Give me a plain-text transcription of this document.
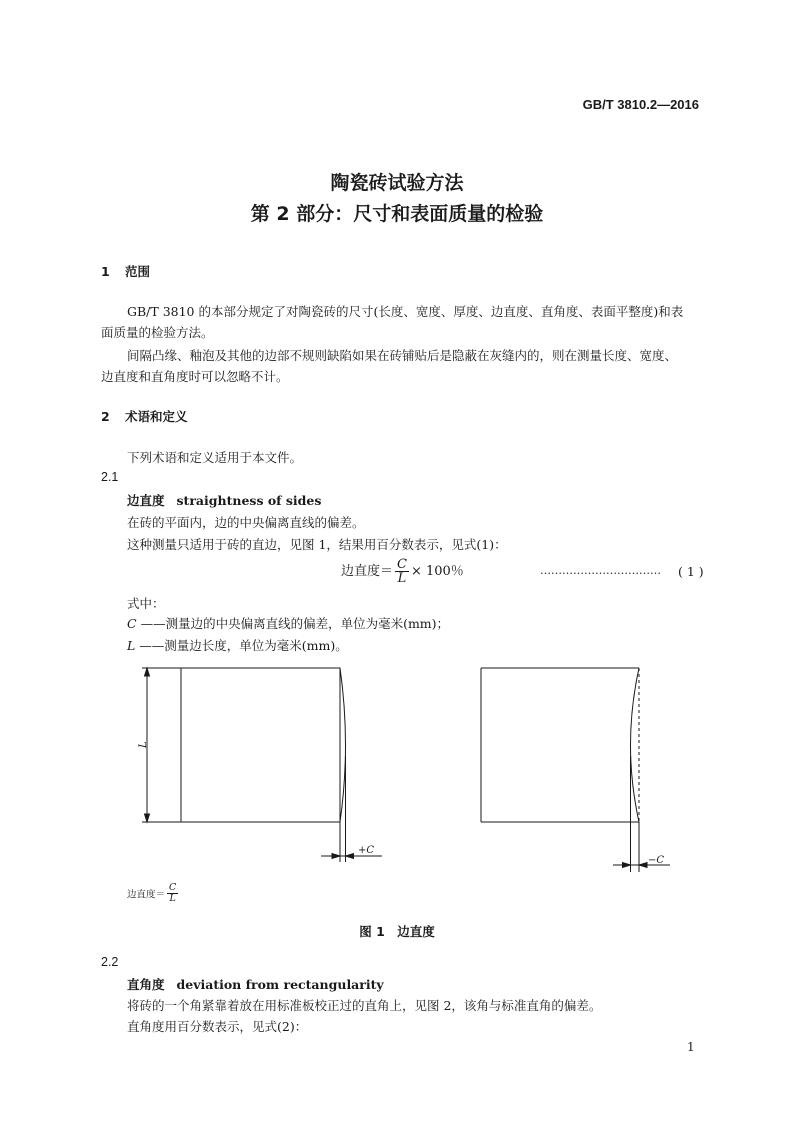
GB/T 3810.2—2016
陶瓷砖试验方法
第 2 部分：尺寸和表面质量的检验
1 范围
GB/T 3810 的本部分规定了对陶瓷砖的尺寸(长度、宽度、厚度、边直度、直角度、表面平整度)和表
面质量的检验方法。
间隔凸缘、釉泡及其他的边部不规则缺陷如果在砖铺贴后是隐蔽在灰缝内的，则在测量长度、宽度、
边直度和直角度时可以忽略不计。
2 术语和定义
下列术语和定义适用于本文件。
2.1
边直度 straightness of sides
在砖的平面内，边的中央偏离直线的偏差。
这种测量只适用于砖的直边，见图 1，结果用百分数表示，见式(1)：
边直度＝ $\frac{C}{L} \times 100$％	…………………………… ( 1 )
式中：
C ——测量边的中央偏离直线的偏差，单位为毫米(mm)；
L ——测量边长度，单位为毫米(mm)。
L
+C
−C
边直度＝ $\frac{C}{L}$
图 1　边直度
2.2
直角度 deviation from rectangularity
将砖的一个角紧靠着放在用标准板校正过的直角上，见图 2，该角与标准直角的偏差。
直角度用百分数表示，见式(2)：
1
